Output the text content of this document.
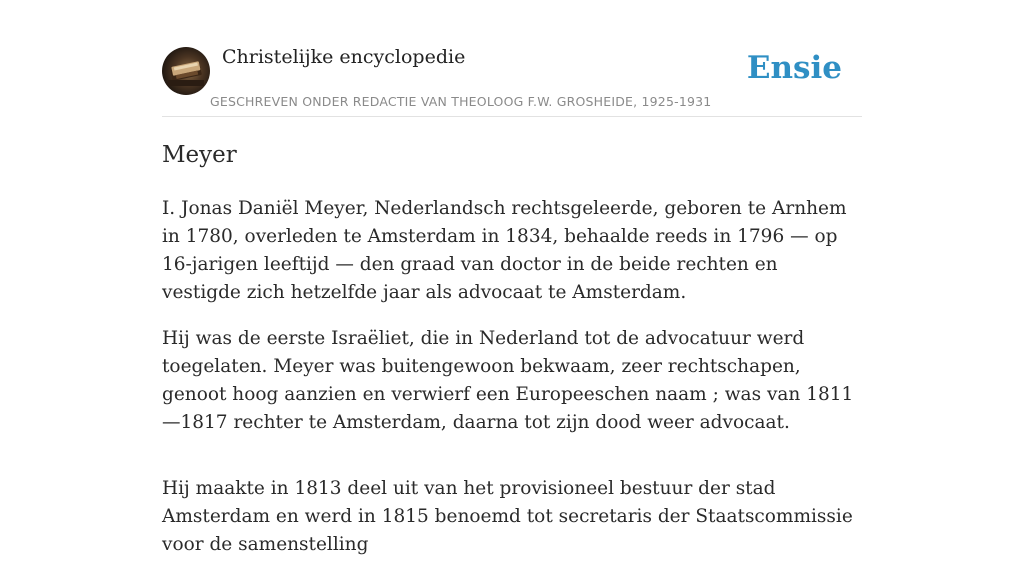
Christelijke encyclopedie
GESCHREVEN ONDER REDACTIE VAN THEOLOOG F.W. GROSHEIDE, 1925-1931
Ensie
Meyer

I. Jonas Daniël Meyer, Nederlandsch rechtsgeleerde, geboren te Arnhem in 1780, overleden te Amsterdam in 1834, behaalde reeds in 1796 — op 16-jarigen leeftijd — den graad van doctor in de beide rechten en vestigde zich hetzelfde jaar als advocaat te Amsterdam.

Hij was de eerste Israëliet, die in Nederland tot de advocatuur werd toegelaten. Meyer was buitengewoon bekwaam, zeer rechtschapen, genoot hoog aanzien en verwierf een Europeeschen naam ; was van 1811—1817 rechter te Amsterdam, daarna tot zijn dood weer advocaat.

Hij maakte in 1813 deel uit van het provisioneel bestuur der stad Amsterdam en werd in 1815 benoemd tot secretaris der Staatscommissie voor de samenstelling
